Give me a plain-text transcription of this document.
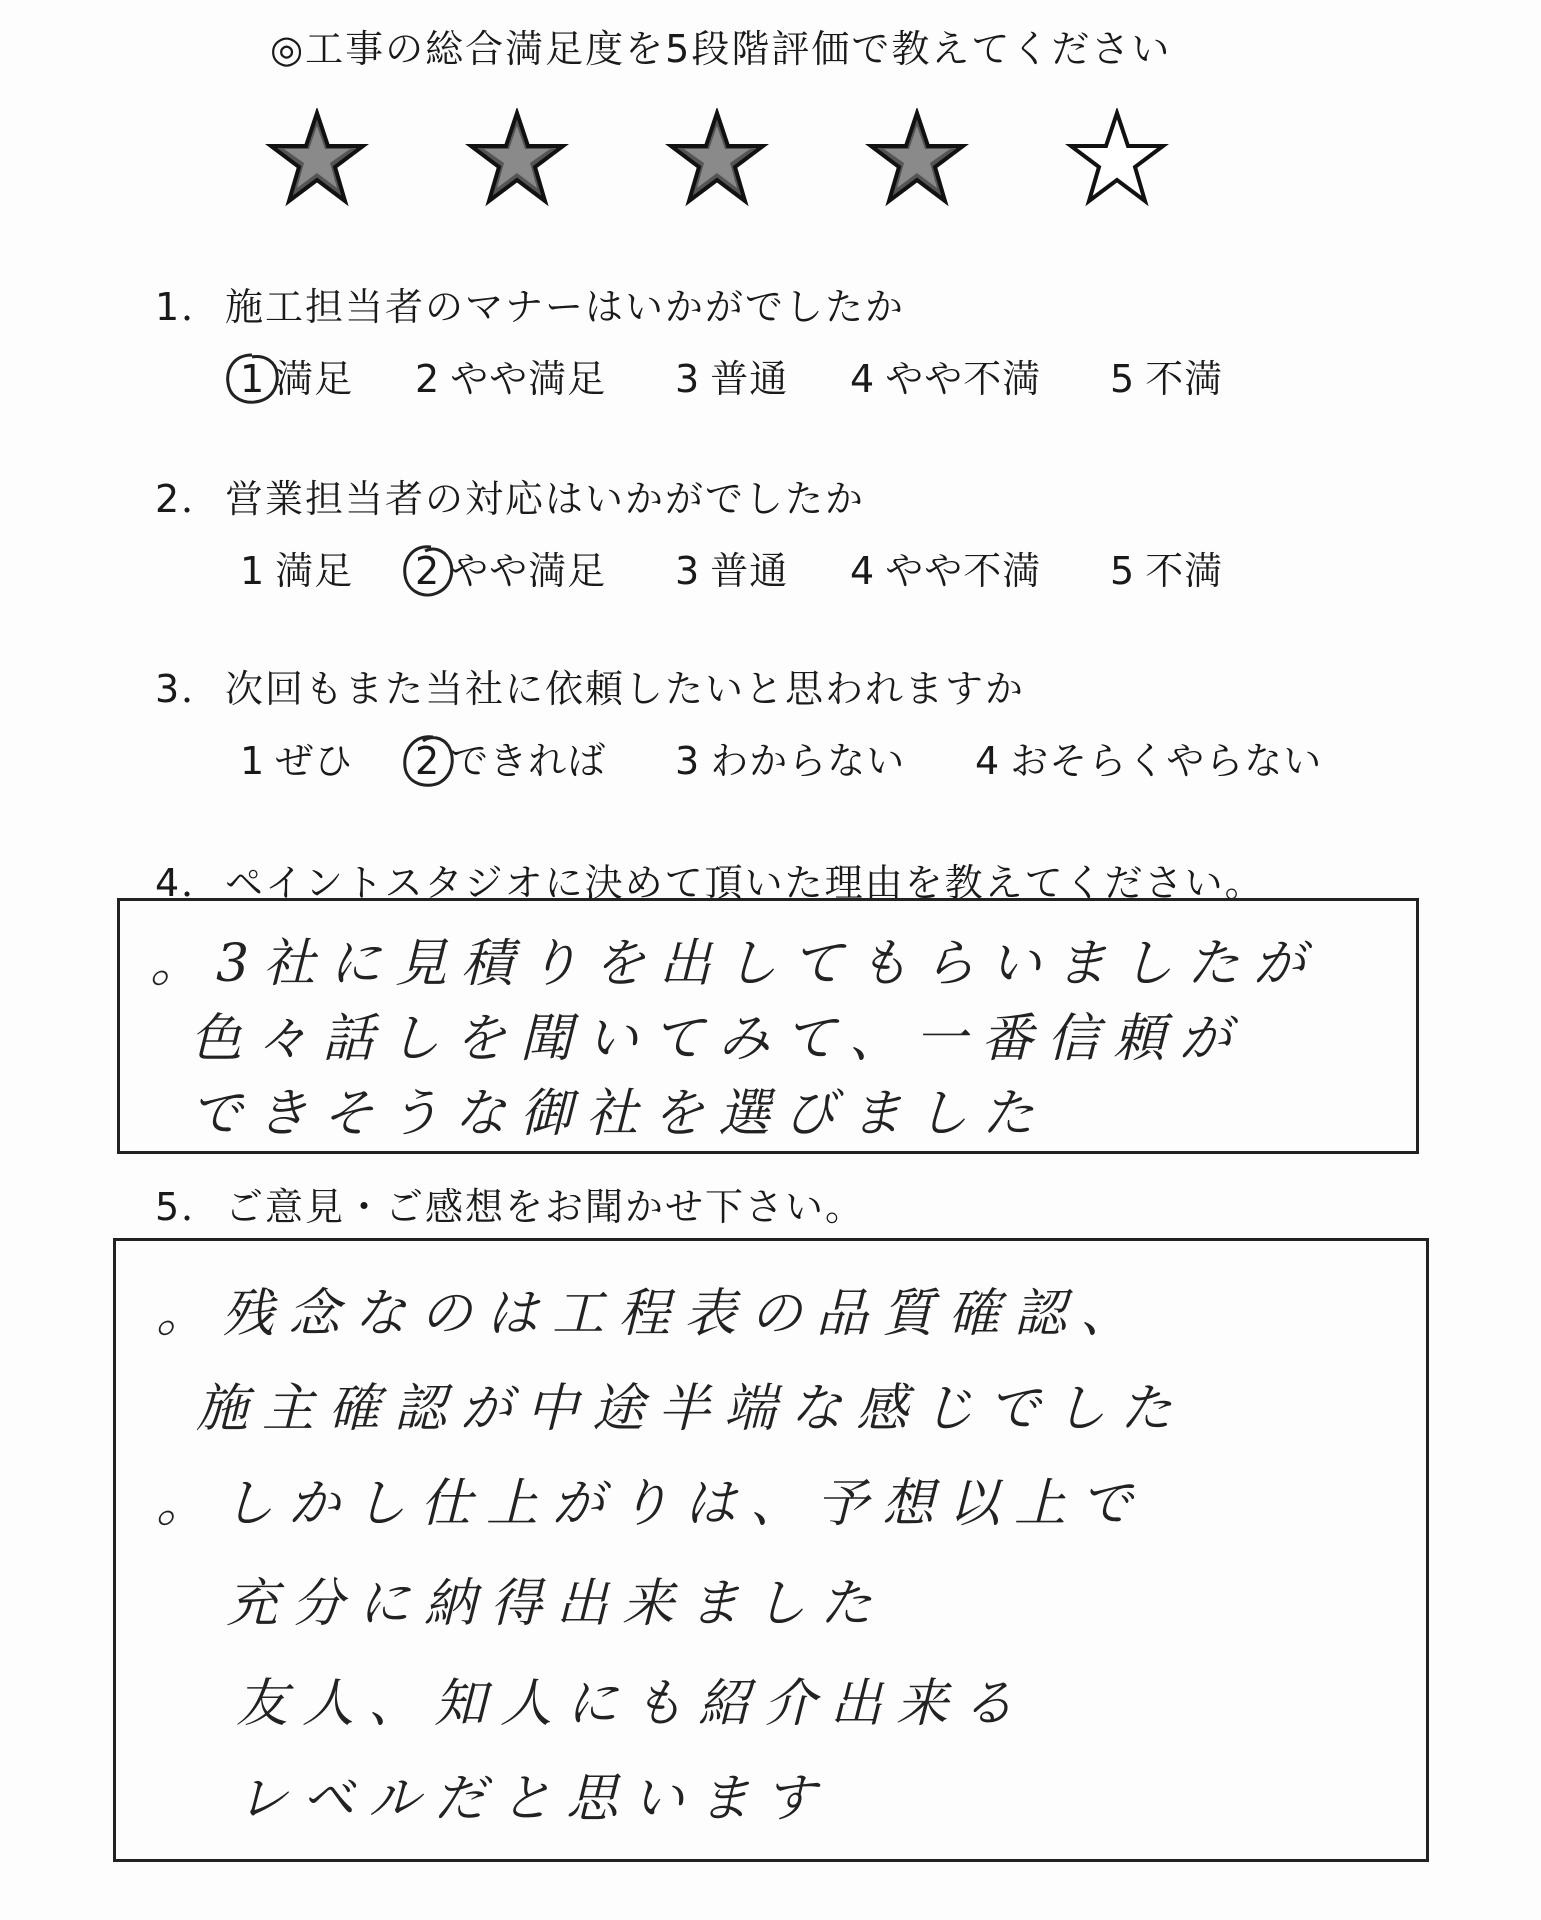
◎工事の総合満足度を5段階評価で教えてください
1． 施工担当者のマナーはいかがでしたか
1 満足 2 やや満足 3 普通 4 やや不満 5 不満
2． 営業担当者の対応はいかがでしたか
1 満足 2 やや満足 3 普通 4 やや不満 5 不満
3． 次回もまた当社に依頼したいと思われますか
1 ぜひ 2 できれば 3 わからない 4 おそらくやらない
4． ペイントスタジオに決めて頂いた理由を教えてください。
。3社に見積りを出してもらいましたが
色々話しを聞いてみて、一番信頼が
できそうな御社を選びました
5． ご意見・ご感想をお聞かせ下さい。
。残念なのは工程表の品質確認、
施主確認が中途半端な感じでした
。しかし仕上がりは、予想以上で
充分に納得出来ました
友人、知人にも紹介出来る
レベルだと思います
